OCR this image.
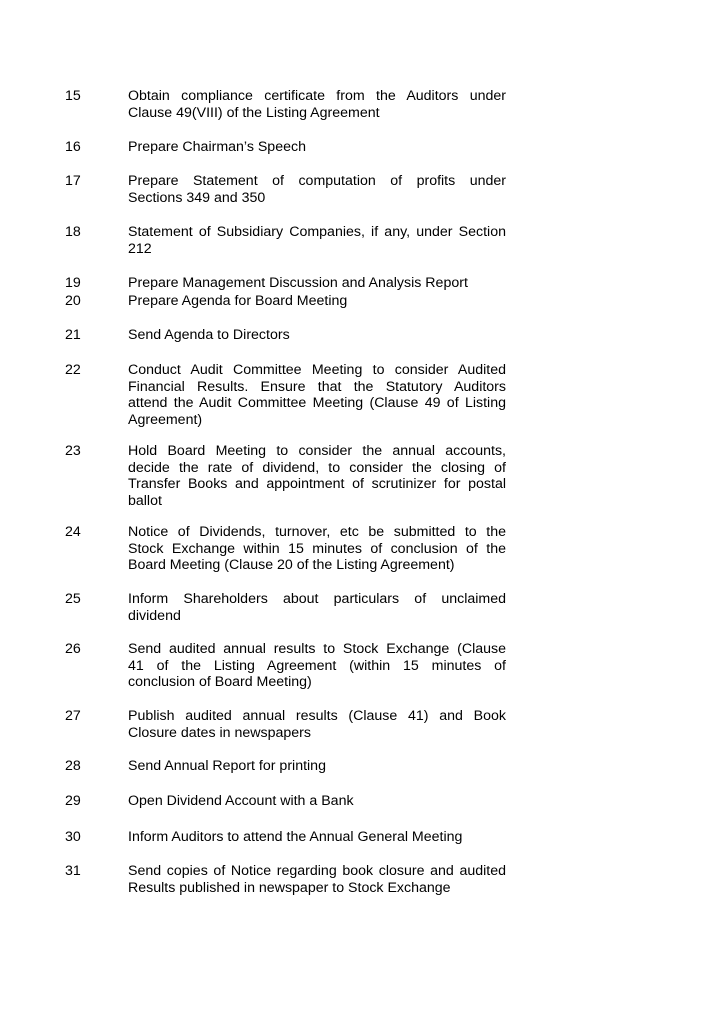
15	Obtain compliance certificate from the Auditors under
Clause 49(VIII) of the Listing Agreement
16	Prepare Chairman’s Speech
17	Prepare Statement of computation of profits under
Sections 349 and 350
18	Statement of Subsidiary Companies, if any, under Section
212
19	Prepare Management Discussion and Analysis Report
20	Prepare Agenda for Board Meeting
21	Send Agenda to Directors
22	Conduct Audit Committee Meeting to consider Audited
Financial Results. Ensure that the Statutory Auditors
attend the Audit Committee Meeting (Clause 49 of Listing
Agreement)
23	Hold Board Meeting to consider the annual accounts,
decide the rate of dividend, to consider the closing of
Transfer Books and appointment of scrutinizer for postal
ballot
24	Notice of Dividends, turnover, etc be submitted to the
Stock Exchange within 15 minutes of conclusion of the
Board Meeting (Clause 20 of the Listing Agreement)
25	Inform Shareholders about particulars of unclaimed
dividend
26	Send audited annual results to Stock Exchange (Clause
41 of the Listing Agreement (within 15 minutes of
conclusion of Board Meeting)
27	Publish audited annual results (Clause 41) and Book
Closure dates in newspapers
28	Send Annual Report for printing
29	Open Dividend Account with a Bank
30	Inform Auditors to attend the Annual General Meeting
31	Send copies of Notice regarding book closure and audited
Results published in newspaper to Stock Exchange
